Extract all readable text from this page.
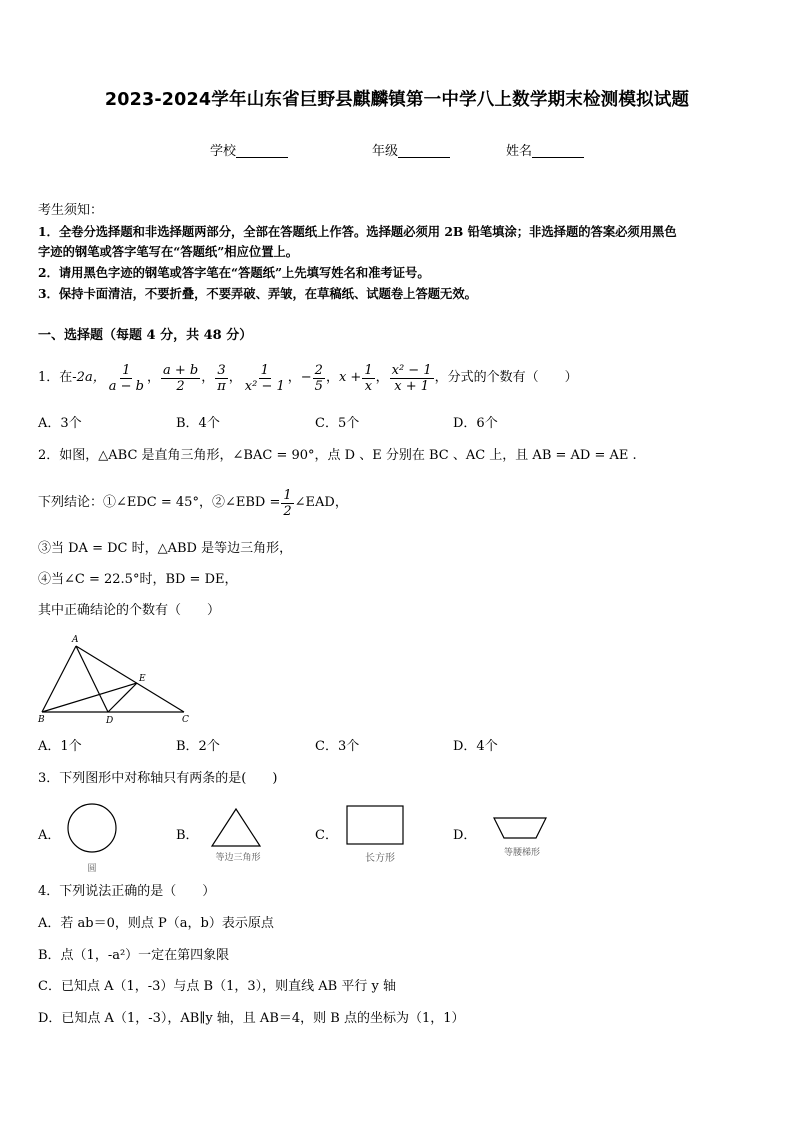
2023-2024学年山东省巨野县麒麟镇第一中学八上数学期末检测模拟试题
学校	年级	姓名
考生须知：
1．全卷分选择题和非选择题两部分，全部在答题纸上作答。选择题必须用 2B 铅笔填涂；非选择题的答案必须用黑色
字迹的钢笔或答字笔写在“答题纸”相应位置上。
2．请用黑色字迹的钢笔或答字笔在“答题纸”上先填写姓名和准考证号。
3．保持卡面清洁，不要折叠，不要弄破、弄皱，在草稿纸、试题卷上答题无效。
一、选择题（每题 4 分，共 48 分）
1．在 -2a， $\frac{1}{a - b}$ ， $\frac{a + b}{2}$ ， $\frac{3}{\pi}$ ， $\frac{1}{\text{x² − 1}}$ ， − $\frac{2}{5}$ ， $x + \frac{1}{x}$ ， $\frac{\text{x² − 1}}{x + 1}$ ，分式的个数有（　　）
A．3个	B．4个	C．5个	D．6个
2．如图，△ABC 是直角三角形，∠BAC = 90°，点 D 、E 分别在 BC 、AC 上，且 AB = AD = AE .
下列结论：①∠EDC = 45°，②∠EBD = $\frac{1}{2}$ ∠EAD，
③当 DA = DC 时，△ABD 是等边三角形，
④当∠C = 22.5°时，BD = DE，
其中正确结论的个数有（　　）
A
B	C
D
E
A．1个	B．2个	C．3个	D．4个
3．下列图形中对称轴只有两条的是(　　)
A．
圆
B．
等边三角形
C．
长方形
D．
等腰梯形
4．下列说法正确的是（　　）
A．若 ab＝0，则点 P（a，b）表示原点
B．点（1，-a²）一定在第四象限
C．已知点 A（1，-3）与点 B（1，3），则直线 AB 平行 y 轴
D．已知点 A（1，-3），AB∥y 轴，且 AB＝4，则 B 点的坐标为（1，1）
